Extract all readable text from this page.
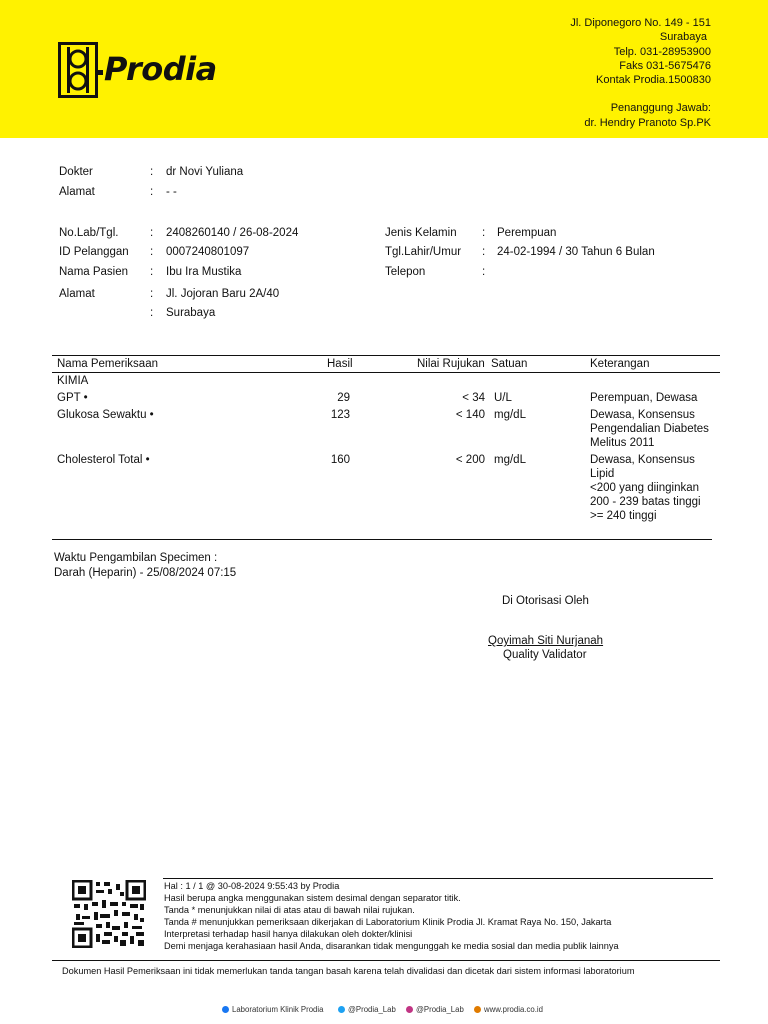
Prodia
Jl. Diponegoro No. 149 - 151
Surabaya
Telp. 031-28953900
Faks 031-5675476
Kontak Prodia.1500830
Penanggung Jawab:
dr. Hendry Pranoto Sp.PK
Dokter	: dr Novi Yuliana
Alamat	: - -
No.Lab/Tgl.	: 2408260140 / 26-08-2024
ID Pelanggan : 0007240801097
Nama Pasien : Ibu Ira Mustika
Alamat	: Jl. Jojoran Baru 2A/40
: Surabaya
Jenis Kelamin : Perempuan
Tgl.Lahir/Umur : 24-02-1994 / 30 Tahun 6 Bulan
Telepon	:
Nama Pemeriksaan	Hasil	Nilai Rujukan Satuan	Keterangan
KIMIA
GPT •	29	< 34 U/L	Perempuan, Dewasa
Glukosa Sewaktu •	123	< 140 mg/dL	Dewasa, Konsensus
Pengendalian Diabetes
Melitus 2011
Cholesterol Total •	160	< 200 mg/dL	Dewasa, Konsensus
Lipid
<200 yang diinginkan
200 - 239 batas tinggi
>= 240 tinggi
Waktu Pengambilan Specimen :
Darah (Heparin) - 25/08/2024 07:15
Di Otorisasi Oleh
Qoyimah Siti Nurjanah
Quality Validator
Hal : 1 / 1 @ 30-08-2024 9:55:43 by Prodia
Hasil berupa angka menggunakan sistem desimal dengan separator titik.
Tanda * menunjukkan nilai di atas atau di bawah nilai rujukan.
Tanda # menunjukkan pemeriksaan dikerjakan di Laboratorium Klinik Prodia Jl. Kramat Raya No. 150, Jakarta
Interpretasi terhadap hasil hanya dilakukan oleh dokter/klinisi
Demi menjaga kerahasiaan hasil Anda, disarankan tidak mengunggah ke media sosial dan media publik lainnya
Dokumen Hasil Pemeriksaan ini tidak memerlukan tanda tangan basah karena telah divalidasi dan dicetak dari sistem informasi laboratorium
Laboratorium Klinik Prodia	@Prodia_Lab	@Prodia_Lab	www.prodia.co.id
